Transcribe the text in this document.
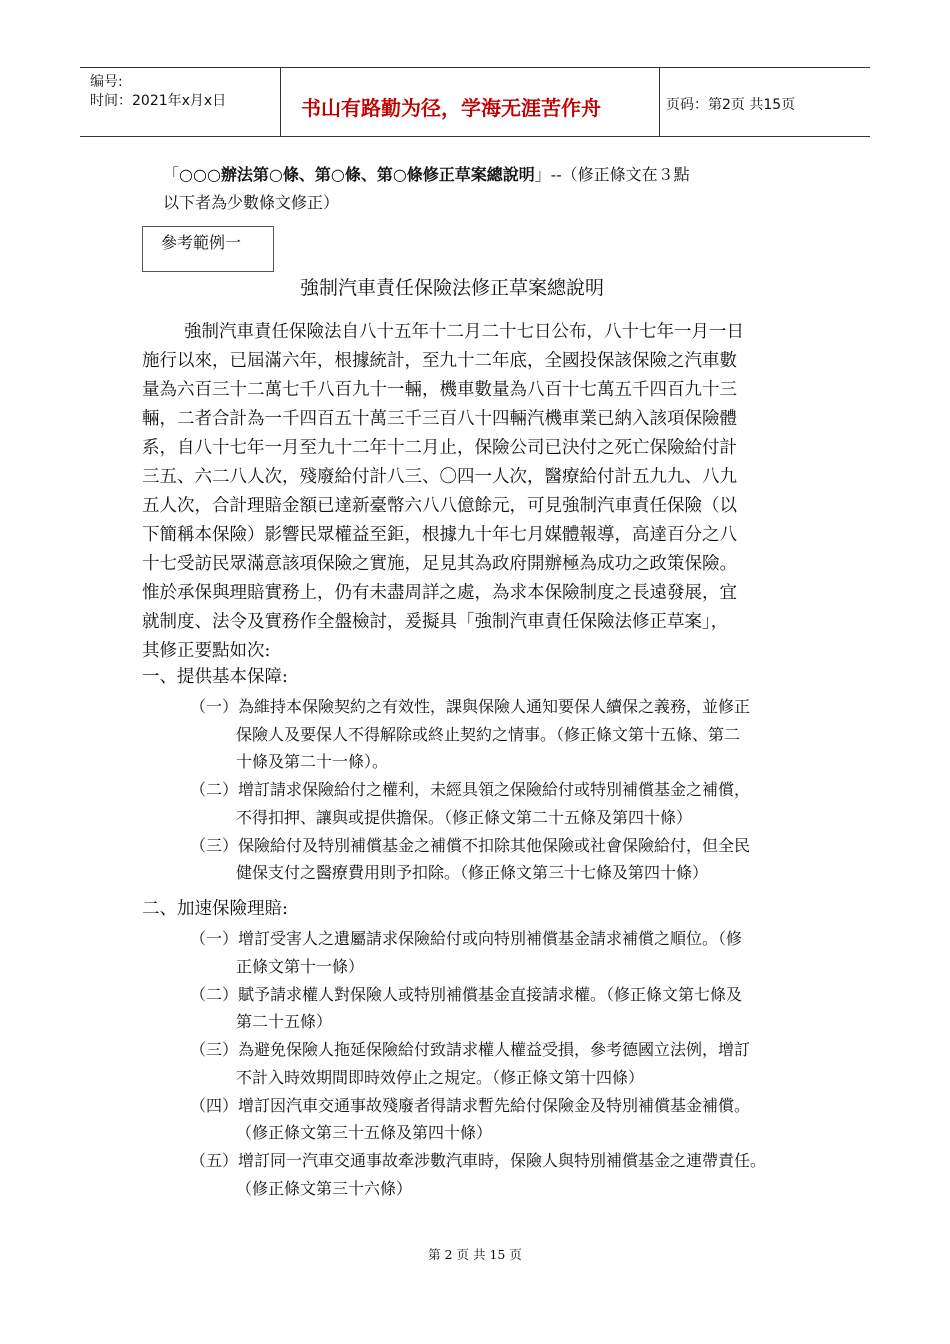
编号:
时间：2021年x月x日	书山有路勤为径，学海无涯苦作舟	页码：第2页 共15页
「○○○辦法第○條、第○條、第○條修正草案總說明」--（修正條文在３點
以下者為少數條文修正）
參考範例一
強制汽車責任保險法修正草案總說明
強制汽車責任保險法自八十五年十二月二十七日公布，八十七年一月一日
施行以來，已屆滿六年，根據統計，至九十二年底，全國投保該保險之汽車數
量為六百三十二萬七千八百九十一輛，機車數量為八百十七萬五千四百九十三
輛，二者合計為一千四百五十萬三千三百八十四輛汽機車業已納入該項保險體
系，自八十七年一月至九十二年十二月止，保險公司已決付之死亡保險給付計
三五、六二八人次，殘廢給付計八三、〇四一人次，醫療給付計五九九、八九
五人次，合計理賠金額已達新臺幣六八八億餘元，可見強制汽車責任保險（以
下簡稱本保險）影響民眾權益至鉅，根據九十年七月媒體報導，高達百分之八
十七受訪民眾滿意該項保險之實施，足見其為政府開辦極為成功之政策保險。
惟於承保與理賠實務上，仍有未盡周詳之處，為求本保險制度之長遠發展，宜
就制度、法令及實務作全盤檢討，爰擬具「強制汽車責任保險法修正草案」，
其修正要點如次:
一、提供基本保障:
（一）為維持本保險契約之有效性，課與保險人通知要保人續保之義務，並修正
保險人及要保人不得解除或終止契約之情事。（修正條文第十五條、第二
十條及第二十一條）。
（二）增訂請求保險給付之權利，未經具領之保險給付或特別補償基金之補償，
不得扣押、讓與或提供擔保。（修正條文第二十五條及第四十條）
（三）保險給付及特別補償基金之補償不扣除其他保險或社會保險給付，但全民
健保支付之醫療費用則予扣除。（修正條文第三十七條及第四十條）
二、加速保險理賠:
（一）增訂受害人之遺屬請求保險給付或向特別補償基金請求補償之順位。（修
正條文第十一條）
（二）賦予請求權人對保險人或特別補償基金直接請求權。（修正條文第七條及
第二十五條）
（三）為避免保險人拖延保險給付致請求權人權益受損，參考德國立法例，增訂
不計入時效期間即時效停止之規定。（修正條文第十四條）
（四）增訂因汽車交通事故殘廢者得請求暫先給付保險金及特別補償基金補償。
（修正條文第三十五條及第四十條）
（五）增訂同一汽車交通事故牽涉數汽車時，保險人與特別補償基金之連帶責任。
（修正條文第三十六條）
第 2 页 共 15 页
